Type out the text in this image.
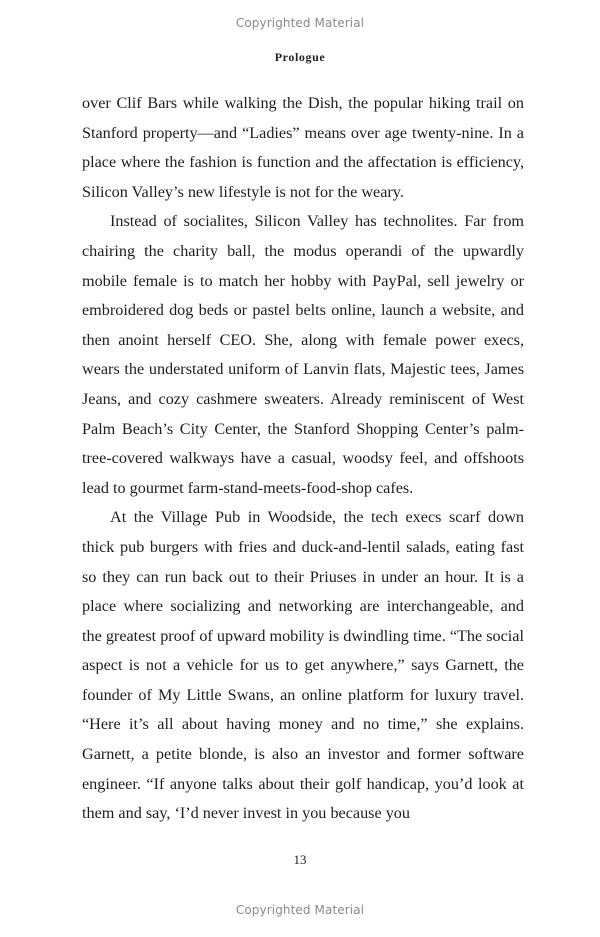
Copyrighted Material
Prologue

over Clif Bars while walking the Dish, the popular hiking trail on Stanford property—and “Ladies” means over age twenty-nine. In a place where the fashion is function and the affectation is efficiency, Silicon Valley’s new lifestyle is not for the weary.

Instead of socialites, Silicon Valley has technolites. Far from chairing the charity ball, the modus operandi of the upwardly mobile female is to match her hobby with PayPal, sell jewelry or embroidered dog beds or pastel belts online, launch a website, and then anoint herself CEO. She, along with female power execs, wears the understated uniform of Lanvin flats, Majestic tees, James Jeans, and cozy cashmere sweaters. Already reminiscent of West Palm Beach’s City Center, the Stanford Shopping Center’s palm-tree-covered walkways have a casual, woodsy feel, and offshoots lead to gourmet farm-stand-meets-food-shop cafes.

At the Village Pub in Woodside, the tech execs scarf down thick pub burgers with fries and duck-and-lentil salads, eating fast so they can run back out to their Priuses in under an hour. It is a place where socializing and networking are interchangeable, and the greatest proof of upward mobility is dwindling time. “The social aspect is not a vehicle for us to get anywhere,” says Garnett, the founder of My Little Swans, an online platform for luxury travel. “Here it’s all about having money and no time,” she explains. Garnett, a petite blonde, is also an investor and former software engineer. “If anyone talks about their golf handicap, you’d look at them and say, ‘I’d never invest in you because you

13
Copyrighted Material
